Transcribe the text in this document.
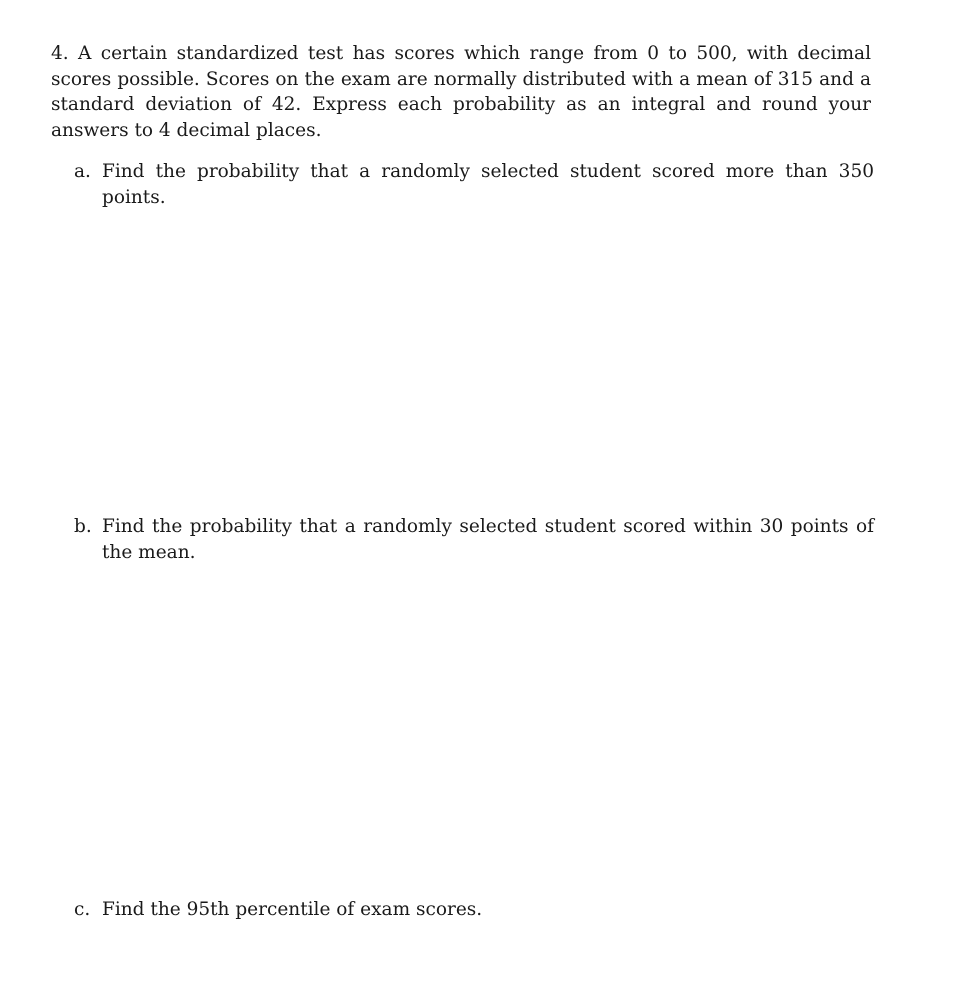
4. A certain standardized test has scores which range from 0 to 500, with decimal scores possible. Scores on the exam are normally distributed with a mean of 315 and a standard deviation of 42. Express each probability as an integral and round your answers to 4 decimal places.
a. Find the probability that a randomly selected student scored more than 350 points.
b. Find the probability that a randomly selected student scored within 30 points of the mean.
c. Find the 95th percentile of exam scores.
